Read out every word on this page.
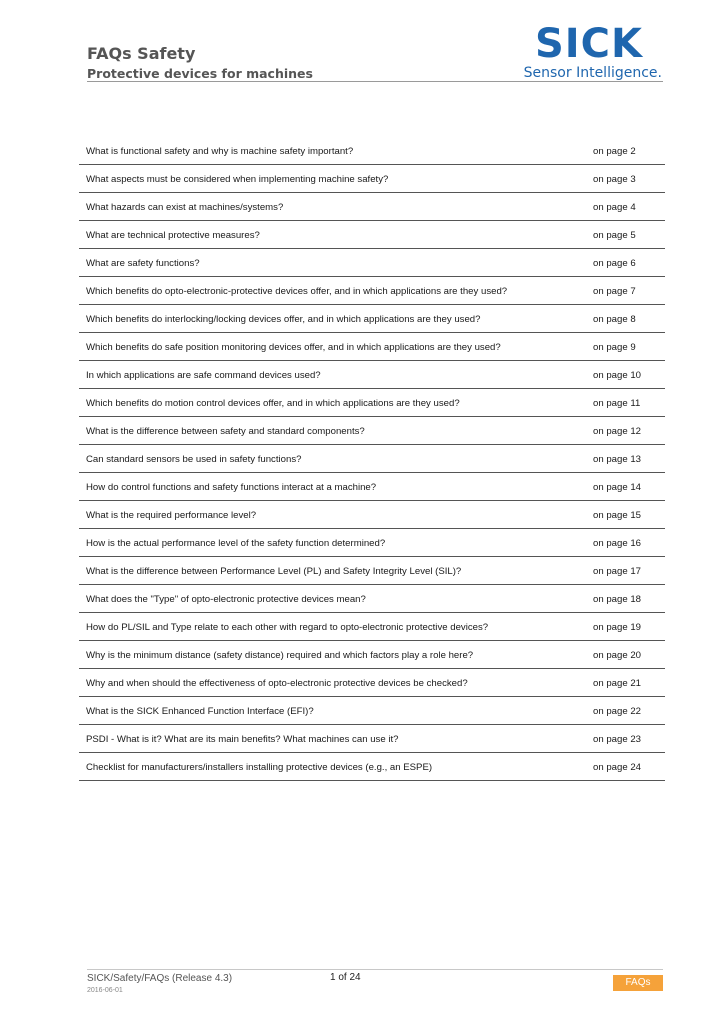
FAQs Safety
Protective devices for machines
SICK
Sensor Intelligence.
What is functional safety and why is machine safety important?	on page 2
What aspects must be considered when implementing machine safety?	on page 3
What hazards can exist at machines/systems?	on page 4
What are technical protective measures?	on page 5
What are safety functions?	on page 6
Which benefits do opto-electronic-protective devices offer, and in which applications are they used?	on page 7
Which benefits do interlocking/locking devices offer, and in which applications are they used?	on page 8
Which benefits do safe position monitoring devices offer, and in which applications are they used?	on page 9
In which applications are safe command devices used?	on page 10
Which benefits do motion control devices offer, and in which applications are they used?	on page 11
What is the difference between safety and standard components?	on page 12
Can standard sensors be used in safety functions?	on page 13
How do control functions and safety functions interact at a machine?	on page 14
What is the required performance level?	on page 15
How is the actual performance level of the safety function determined?	on page 16
What is the difference between Performance Level (PL) and Safety Integrity Level (SIL)?	on page 17
What does the "Type" of opto-electronic protective devices mean?	on page 18
How do PL/SIL and Type relate to each other with regard to opto-electronic protective devices?	on page 19
Why is the minimum distance (safety distance) required and which factors play a role here?	on page 20
Why and when should the effectiveness of opto-electronic protective devices be checked?	on page 21
What is the SICK Enhanced Function Interface (EFI)?	on page 22
PSDI - What is it? What are its main benefits? What machines can use it?	on page 23
Checklist for manufacturers/installers installing protective devices (e.g., an ESPE)	on page 24
SICK/Safety/FAQs (Release 4.3)
2016-06-01
1 of 24	FAQs
